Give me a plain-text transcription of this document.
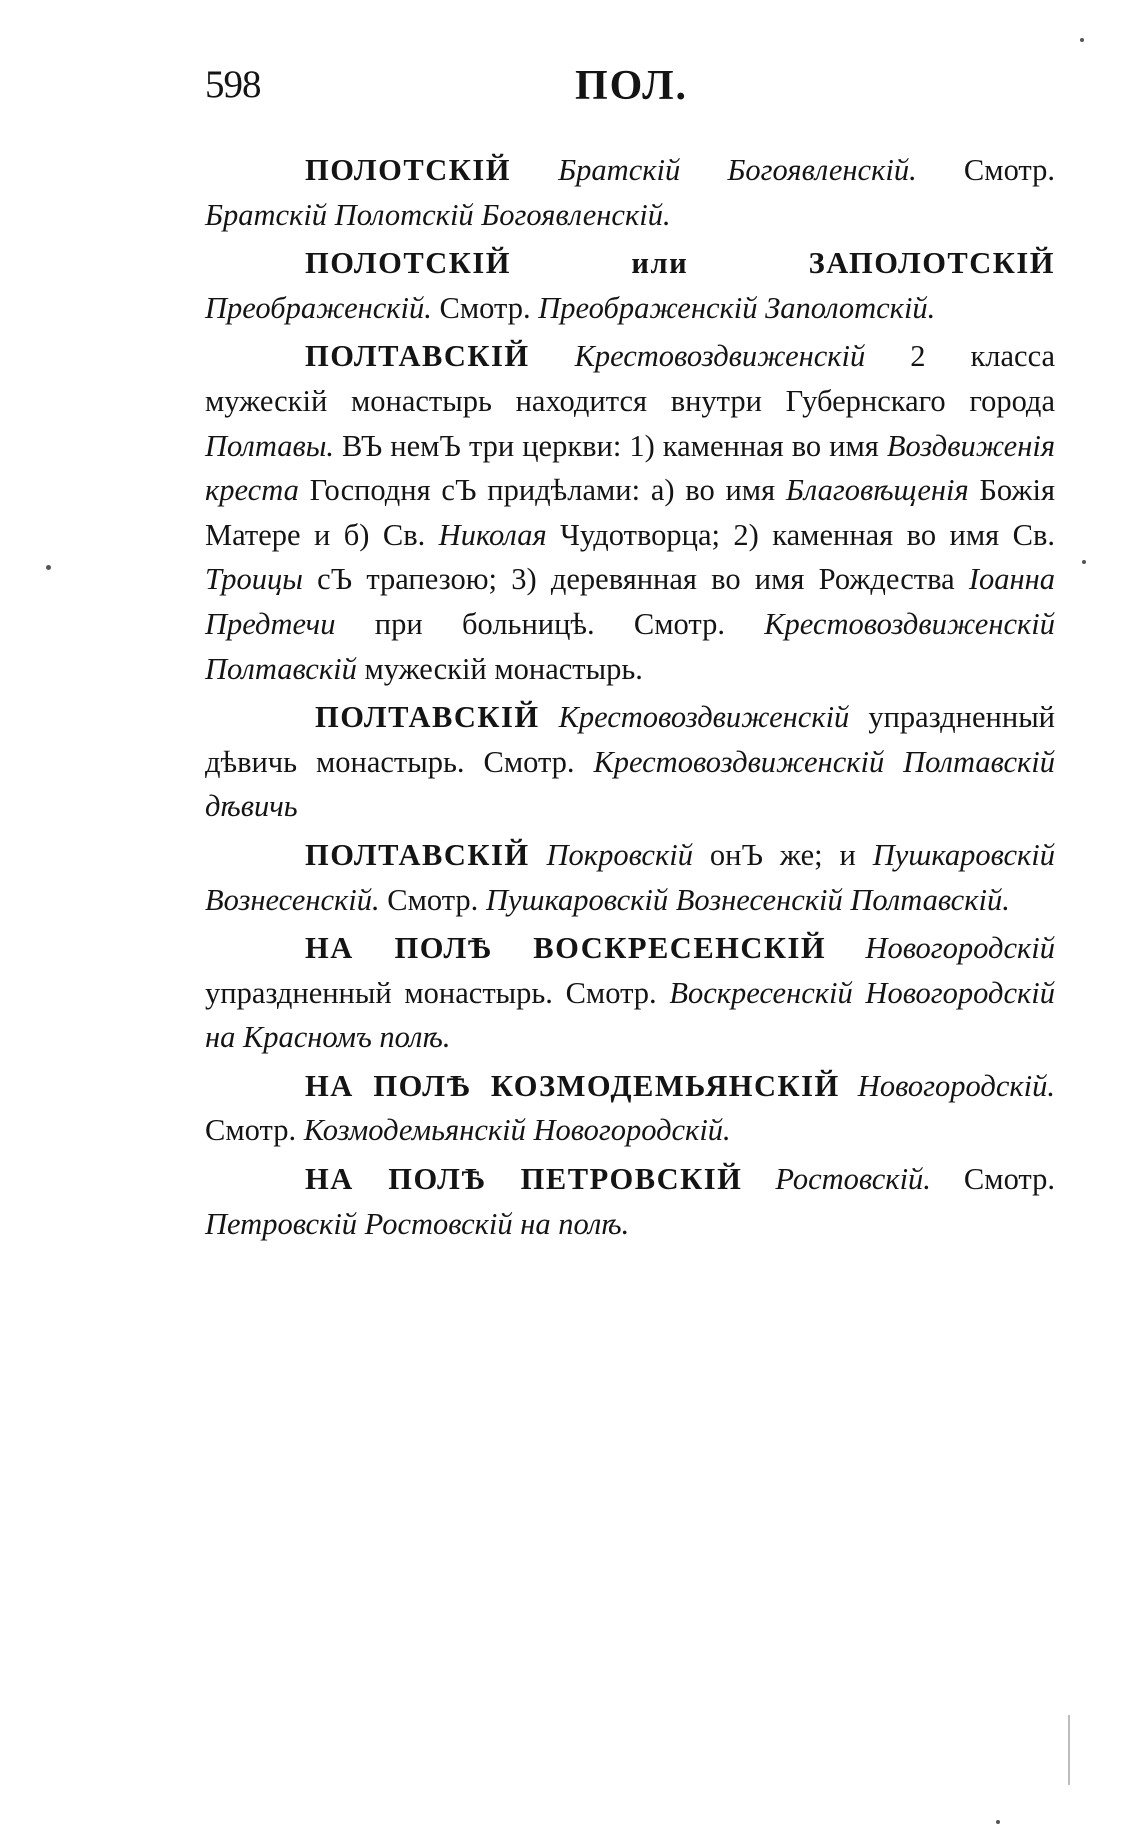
598	ПОЛ.

ПОЛОТСКІЙ Братскій Богоявленскій. Смотр. Братскій Полотскій Богоявленскій.

ПОЛОТСКІЙ или ЗАПОЛОТСКІЙ Преображенскій. Смотр. Преображенскій Заполотскій.

ПОЛТАВСКІЙ Крестовоздвиженскій 2 класса мужескій монастырь находится внутри Губернскаго города Полтавы. ВЪ немЪ три церкви: 1) каменная во имя Воздвиженія креста Господня сЪ придѣлами: а) во имя Благовѣщенія Божія Матере и б) Св. Николая Чудотворца; 2) каменная во имя Св. Троицы сЪ трапезою; 3) деревянная во имя Рождества Іоанна Предтечи при больницѣ. Смотр. Крестовоздвиженскій Полтавскій мужескій монастырь.

ПОЛТАВСКІЙ Крестовоздвиженскій упраздненный дѣвичь монастырь. Смотр. Крестовоздвиженскій Полтавскій дѣвичь

ПОЛТАВСКІЙ Покровскій онЪ же; и Пушкаровскій Вознесенскій. Смотр. Пушкаровскій Вознесенскій Полтавскій.

НА ПОЛѢ ВОСКРЕСЕНСКІЙ Новогородскій упраздненный монастырь. Смотр. Воскресенскій Новогородскій на Красномъ полѣ.

НА ПОЛѢ КОЗМОДЕМЬЯНСКІЙ Новогородскій. Смотр. Козмодемьянскій Новогородскій.

НА ПОЛѢ ПЕТРОВСКІЙ Ростовскій. Смотр. Петровскій Ростовскій на полѣ.
